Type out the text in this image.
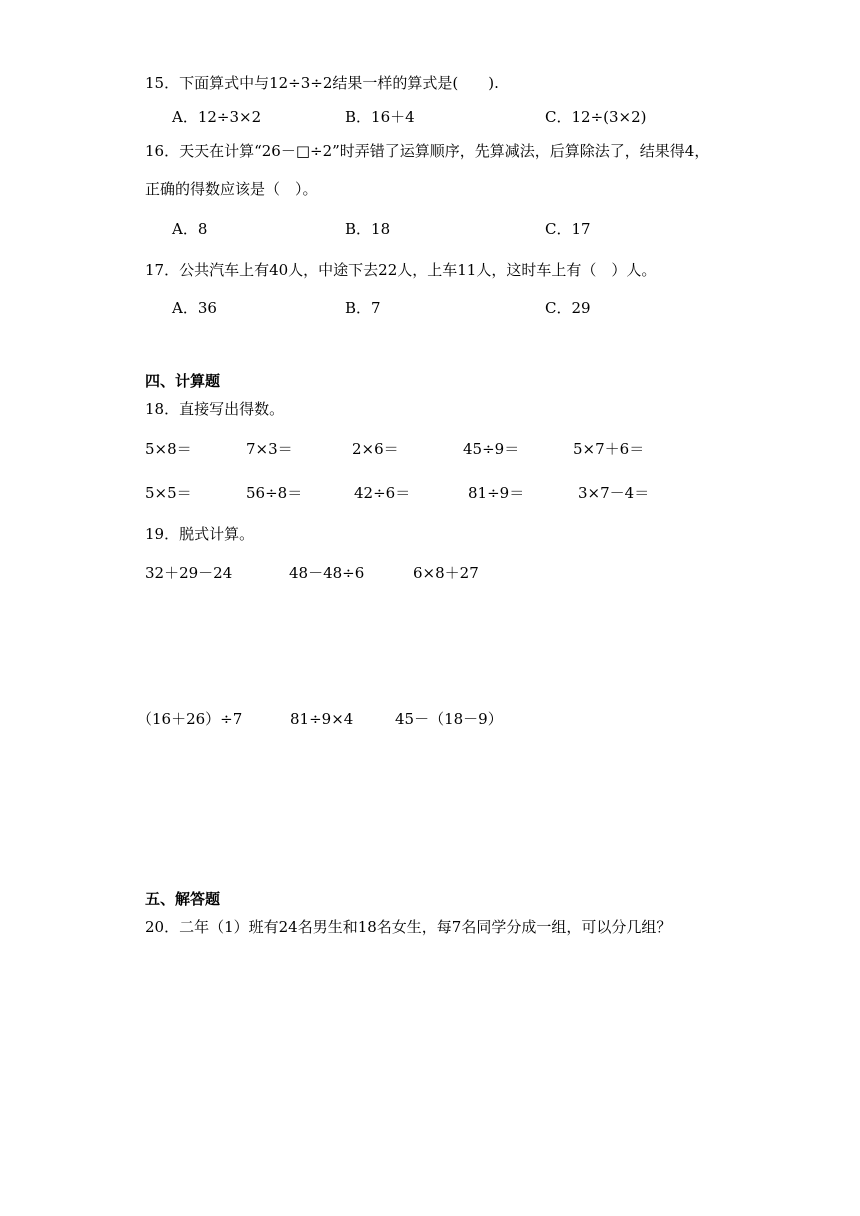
15．下面算式中与12÷3÷2结果一样的算式是(　　).
A．12÷3×2	B．16＋4	C．12÷(3×2)
16．天天在计算“26－□÷2”时弄错了运算顺序，先算减法，后算除法了，结果得4，
正确的得数应该是（　）。
A．8	B．18	C．17
17．公共汽车上有40人，中途下去22人，上车11人，这时车上有（　）人。
A．36	B．7	C．29
四、计算题
18．直接写出得数。
5×8＝	7×3＝	2×6＝	45÷9＝	5×7＋6＝
5×5＝	56÷8＝	42÷6＝	81÷9＝	3×7－4＝
19．脱式计算。
32＋29－24	48－48÷6	6×8＋27
（16＋26）÷7	81÷9×4	45－（18－9）
五、解答题
20．二年（1）班有24名男生和18名女生，每7名同学分成一组，可以分几组？
